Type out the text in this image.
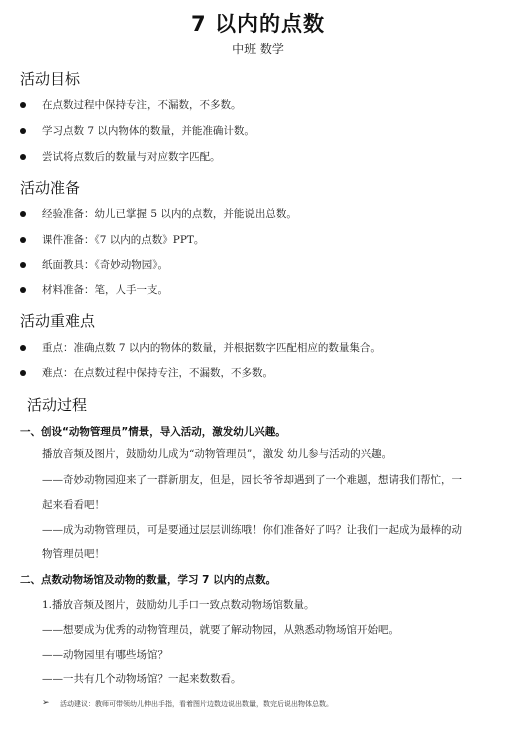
7 以内的点数
中班 数学
活动目标
在点数过程中保持专注，不漏数，不多数。
学习点数 7 以内物体的数量，并能准确计数。
尝试将点数后的数量与对应数字匹配。
活动准备
经验准备：幼儿已掌握 5 以内的点数，并能说出总数。
课件准备：《7 以内的点数》PPT。
纸面教具：《奇妙动物园》。
材料准备：笔，人手一支。
活动重难点
重点：准确点数 7 以内的物体的数量，并根据数字匹配相应的数量集合。
难点：在点数过程中保持专注，不漏数，不多数。
活动过程
一、创设“动物管理员”情景，导入活动，激发幼儿兴趣。
播放音频及图片，鼓励幼儿成为“动物管理员”，激发 幼儿参与活动的兴趣。
——奇妙动物园迎来了一群新朋友，但是，园长爷爷却遇到了一个难题，想请我们帮忙，一
起来看看吧！
——成为动物管理员，可是要通过层层训练哦！你们准备好了吗？让我们一起成为最棒的动
物管理员吧！
二、点数动物场馆及动物的数量，学习 7 以内的点数。
1.播放音频及图片，鼓励幼儿手口一致点数动物场馆数量。
——想要成为优秀的动物管理员，就要了解动物园，从熟悉动物场馆开始吧。
——动物园里有哪些场馆？
——一共有几个动物场馆？一起来数数看。
➢ 活动建议：教师可带领幼儿伸出手指，看着图片边数边说出数量，数完后说出物体总数。
